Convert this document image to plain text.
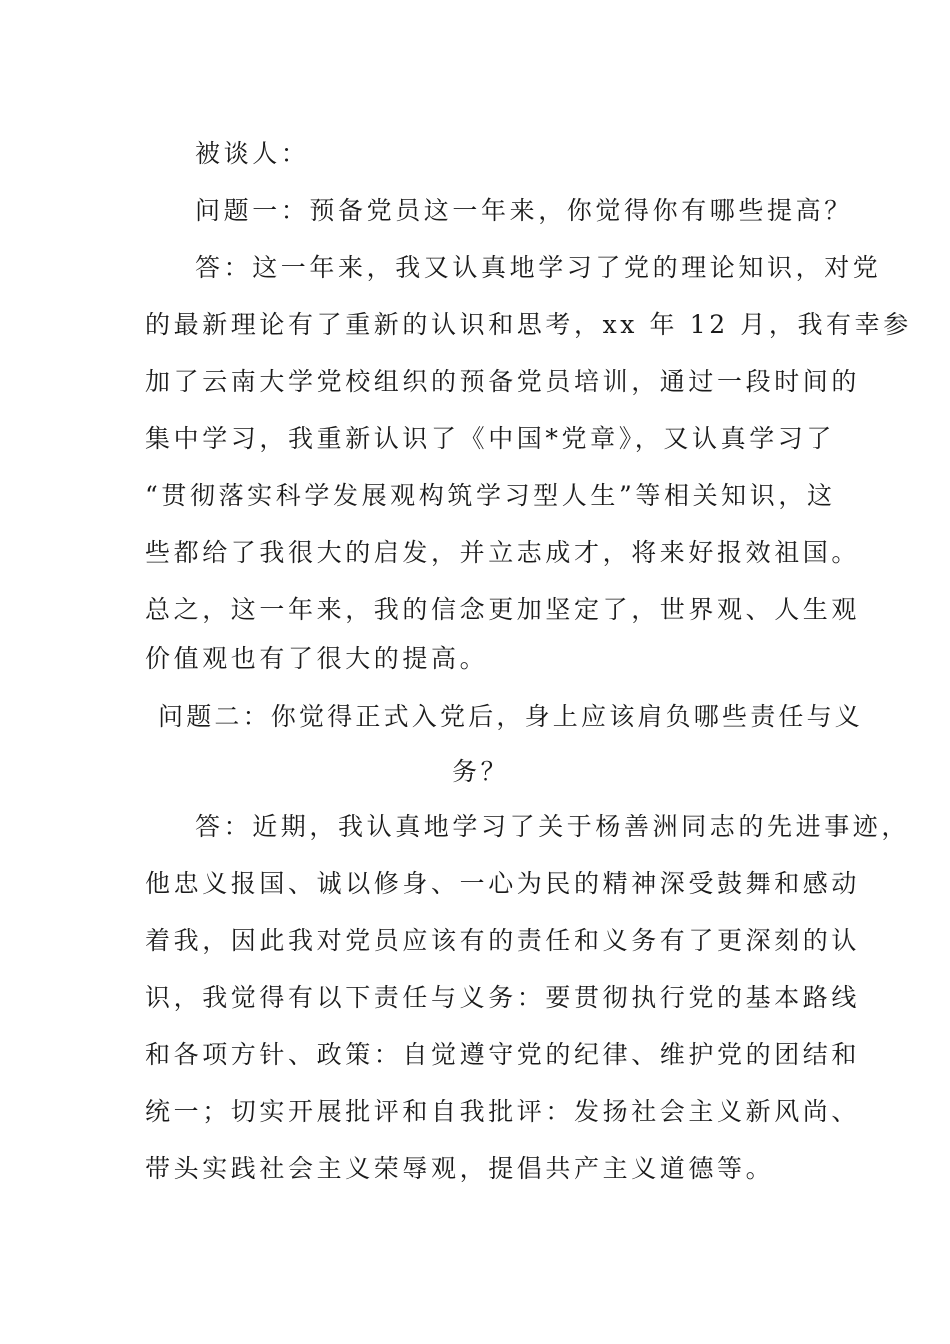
被谈人：
问题一：预备党员这一年来，你觉得你有哪些提高？
答：这一年来，我又认真地学习了党的理论知识，对党
的最新理论有了重新的认识和思考，xx 年 12 月，我有幸参
加了云南大学党校组织的预备党员培训，通过一段时间的
集中学习，我重新认识了《中国*党章》，又认真学习了
“贯彻落实科学发展观构筑学习型人生”等相关知识，这
些都给了我很大的启发，并立志成才，将来好报效祖国。
总之，这一年来，我的信念更加坚定了，世界观、人生观
价值观也有了很大的提高。
问题二：你觉得正式入党后，身上应该肩负哪些责任与义
务？
答：近期，我认真地学习了关于杨善洲同志的先进事迹，
他忠义报国、诚以修身、一心为民的精神深受鼓舞和感动
着我，因此我对党员应该有的责任和义务有了更深刻的认
识，我觉得有以下责任与义务：要贯彻执行党的基本路线
和各项方针、政策：自觉遵守党的纪律、维护党的团结和
统一；切实开展批评和自我批评：发扬社会主义新风尚、
带头实践社会主义荣辱观，提倡共产主义道德等。
